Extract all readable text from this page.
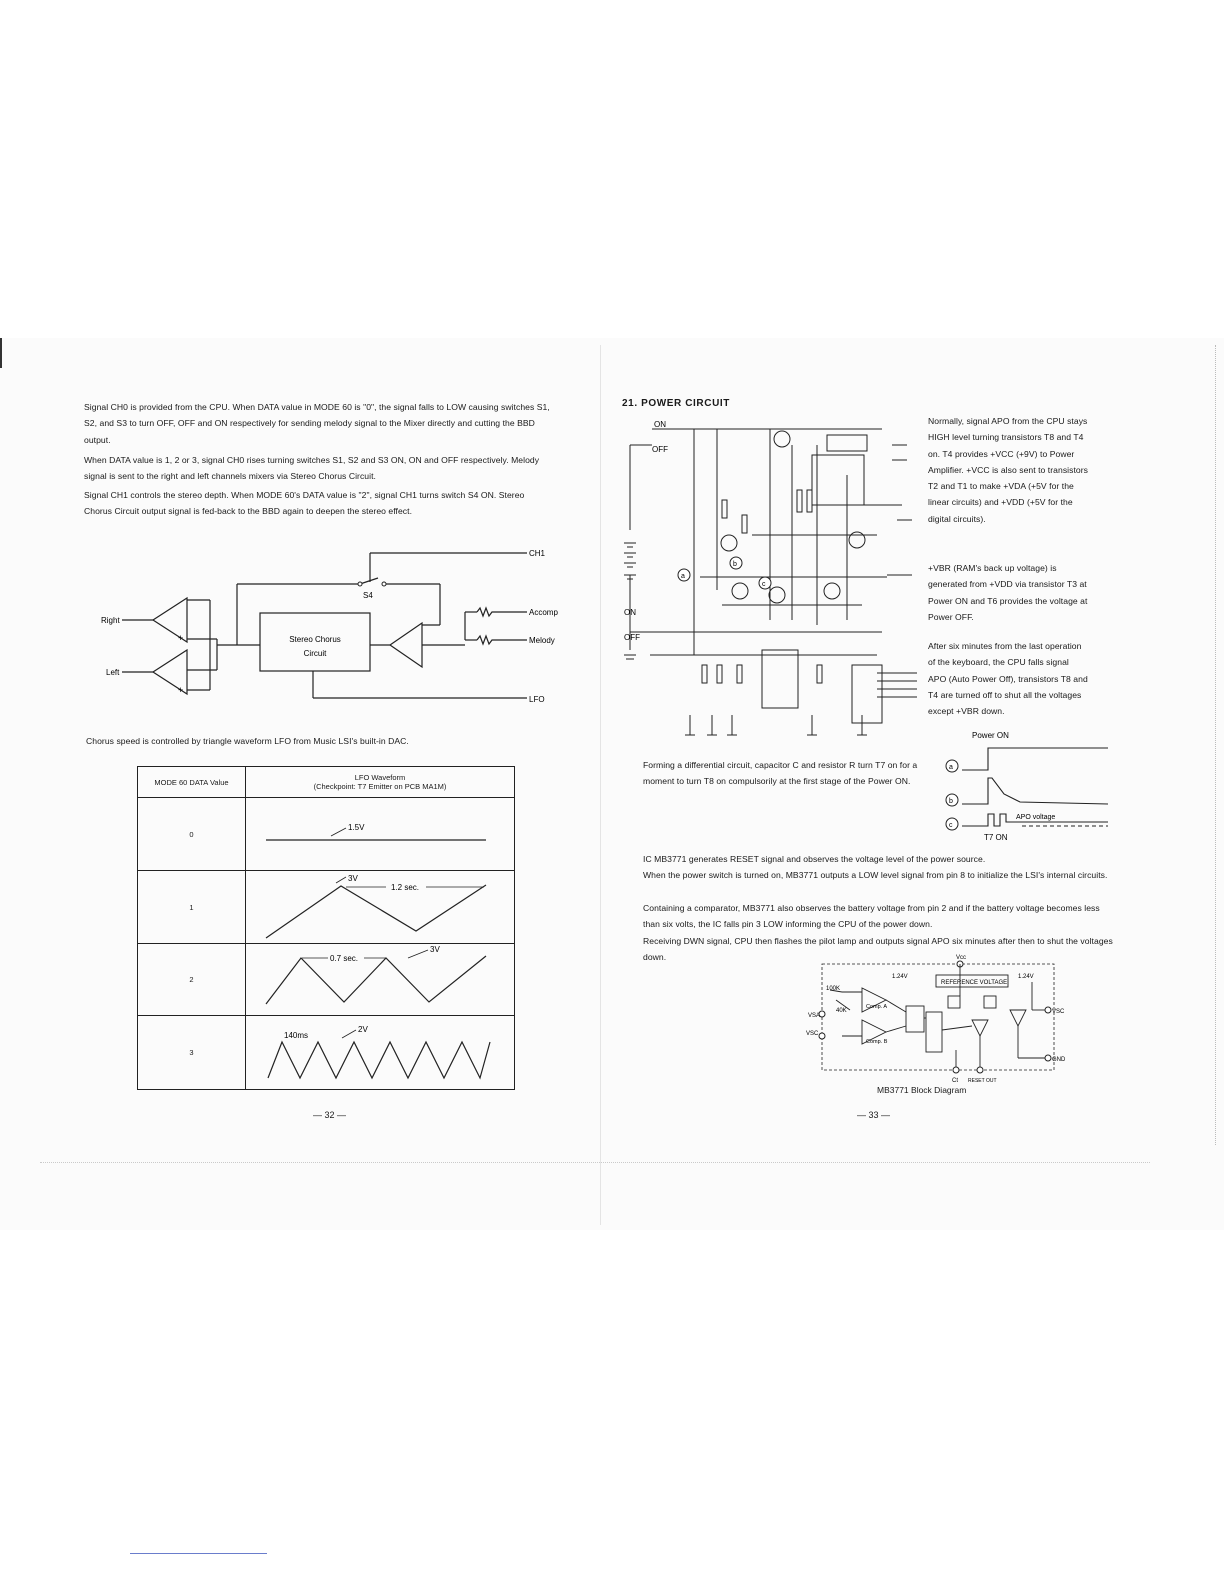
Signal CH0 is provided from the CPU. When DATA value in MODE 60 is "0", the signal falls to LOW causing switches S1, S2, and S3 to turn OFF, OFF and ON respectively for sending melody signal to the Mixer directly and cutting the BBD output.
When DATA value is 1, 2 or 3, signal CH0 rises turning switches S1, S2 and S3 ON, ON and OFF respectively. Melody signal is sent to the right and left channels mixers via Stereo Chorus Circuit.
Signal CH1 controls the stereo depth. When MODE 60's DATA value is "2", signal CH1 turns switch S4 ON. Stereo Chorus Circuit output signal is fed-back to the BBD again to deepen the stereo effect.
+
+
CH1
S4
Right
Left
Stereo Chorus
Circuit
Accomp
Melody
LFO
Chorus speed is controlled by triangle waveform LFO from Music LSI's built-in DAC.
MODE 60 DATA Value	LFO Waveform
(Checkpoint: T7 Emitter on PCB MA1M)

0	1.5V

1	3V
1.2 sec.

2	0.7 sec.
3V

3	140ms
2V
— 32 —
21. POWER CIRCUIT
a
b
c
ON
OFF
ON
OFF
Normally, signal APO from the CPU stays HIGH level turning transistors T8 and T4 on. T4 provides +VCC (+9V) to Power Amplifier. +VCC is also sent to transistors T2 and T1 to make +VDA (+5V for the linear circuits) and +VDD (+5V for the digital circuits).
+VBR (RAM's back up voltage) is generated from +VDD via transistor T3 at Power ON and T6 provides the voltage at Power OFF.
After six minutes from the last operation of the keyboard, the CPU falls signal APO (Auto Power Off), transistors T8 and T4 are turned off to shut all the voltages except +VBR down.
Forming a differential circuit, capacitor C and resistor R turn T7 on for a moment to turn T8 on compulsorily at the first stage of the Power ON.
Power ON
a
b
c
APO voltage
T7 ON
IC MB3771 generates RESET signal and observes the voltage level of the power source.
When the power switch is turned on, MB3771 outputs a LOW level signal from pin 8 to initialize the LSI's internal circuits.
Containing a comparator, MB3771 also observes the battery voltage from pin 2 and if the battery voltage becomes less than six volts, the IC falls pin 3 LOW informing the CPU of the power down.
Receiving DWN signal, CPU then flashes the pilot lamp and outputs signal APO six minutes after then to shut the voltages down.	Vcc
1.24V	1.24V
REFERENCE VOLTAGE
100K
40K
Comp. A
Comp. B
VSA
VSC
VSC
GND
Ct RESET OUT
MB3771 Block Diagram
— 33 —
